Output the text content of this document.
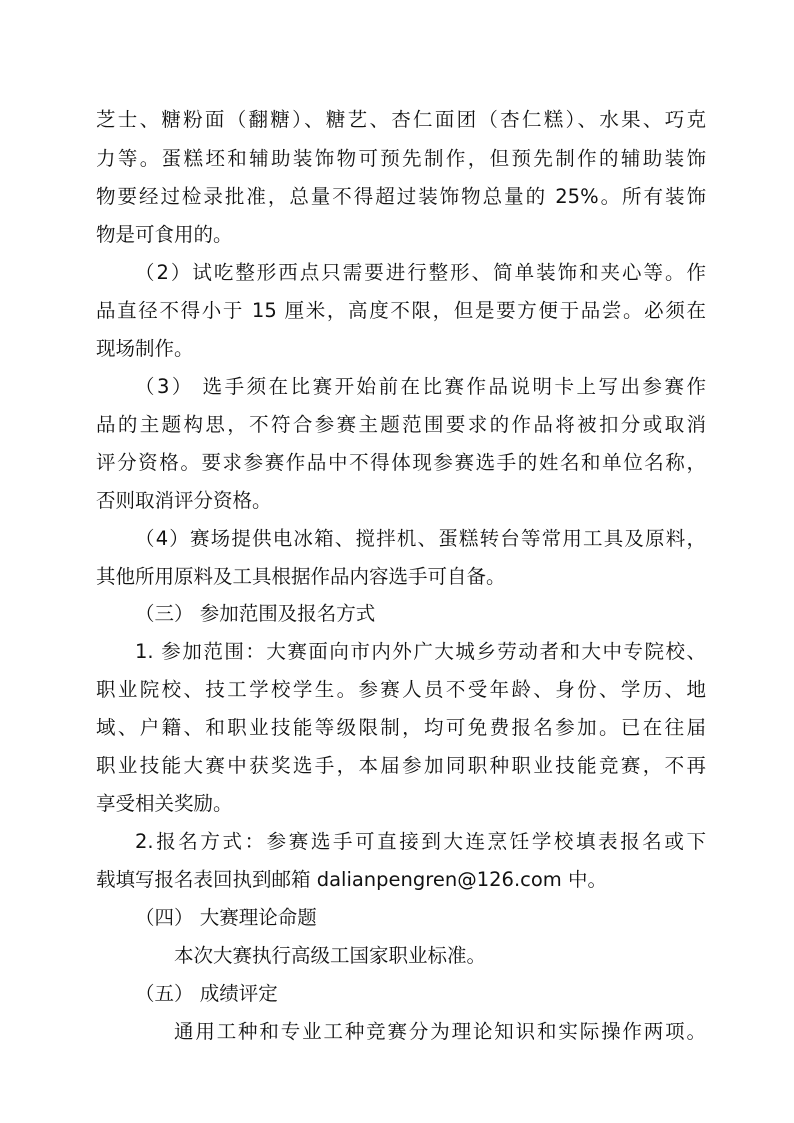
芝士、糖粉面（翻糖）、糖艺、杏仁面团（杏仁糕）、水果、巧克
力等。蛋糕坯和辅助装饰物可预先制作，但预先制作的辅助装饰
物要经过检录批准，总量不得超过装饰物总量的 25%。所有装饰
物是可食用的。
（2）试吃整形西点只需要进行整形、简单装饰和夹心等。作
品直径不得小于 15 厘米，高度不限，但是要方便于品尝。必须在
现场制作。
（3） 选手须在比赛开始前在比赛作品说明卡上写出参赛作
品的主题构思，不符合参赛主题范围要求的作品将被扣分或取消
评分资格。要求参赛作品中不得体现参赛选手的姓名和单位名称，
否则取消评分资格。
（4）赛场提供电冰箱、搅拌机、蛋糕转台等常用工具及原料，
其他所用原料及工具根据作品内容选手可自备。
（三） 参加范围及报名方式
1. 参加范围：大赛面向市内外广大城乡劳动者和大中专院校、
职业院校、技工学校学生。参赛人员不受年龄、身份、学历、地
域、户籍、和职业技能等级限制，均可免费报名参加。已在往届
职业技能大赛中获奖选手，本届参加同职种职业技能竞赛，不再
享受相关奖励。
2.报名方式：参赛选手可直接到大连烹饪学校填表报名或下
载填写报名表回执到邮箱 dalianpengren@126.com 中。
（四） 大赛理论命题
本次大赛执行高级工国家职业标准。
（五） 成绩评定
通用工种和专业工种竞赛分为理论知识和实际操作两项。
